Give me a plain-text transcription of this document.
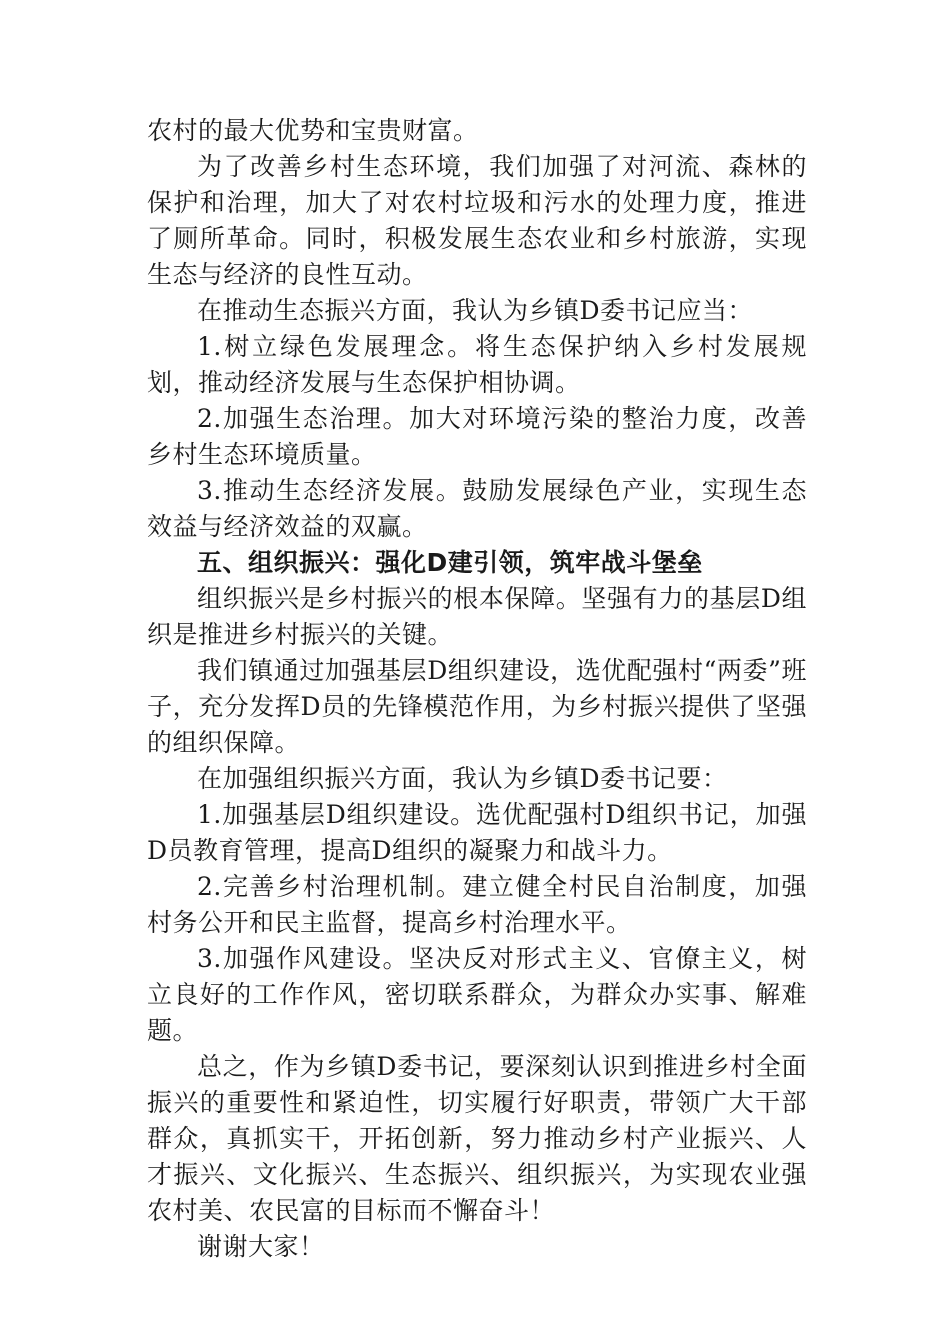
农村的最大优势和宝贵财富。

为了改善乡村生态环境，我们加强了对河流、森林的保护和治理，加大了对农村垃圾和污水的处理力度，推进了厕所革命。同时，积极发展生态农业和乡村旅游，实现生态与经济的良性互动。

在推动生态振兴方面，我认为乡镇D委书记应当：

1.树立绿色发展理念。将生态保护纳入乡村发展规划，推动经济发展与生态保护相协调。

2.加强生态治理。加大对环境污染的整治力度，改善乡村生态环境质量。

3.推动生态经济发展。鼓励发展绿色产业，实现生态效益与经济效益的双赢。

五、组织振兴：强化D建引领，筑牢战斗堡垒

组织振兴是乡村振兴的根本保障。坚强有力的基层D组织是推进乡村振兴的关键。

我们镇通过加强基层D组织建设，选优配强村“两委”班子，充分发挥D员的先锋模范作用，为乡村振兴提供了坚强的组织保障。

在加强组织振兴方面，我认为乡镇D委书记要：

1.加强基层D组织建设。选优配强村D组织书记，加强D员教育管理，提高D组织的凝聚力和战斗力。

2.完善乡村治理机制。建立健全村民自治制度，加强村务公开和民主监督，提高乡村治理水平。

3.加强作风建设。坚决反对形式主义、官僚主义，树立良好的工作作风，密切联系群众，为群众办实事、解难题。

总之，作为乡镇D委书记，要深刻认识到推进乡村全面振兴的重要性和紧迫性，切实履行好职责，带领广大干部群众，真抓实干，开拓创新，努力推动乡村产业振兴、人才振兴、文化振兴、生态振兴、组织振兴，为实现农业强农村美、农民富的目标而不懈奋斗！

谢谢大家！
